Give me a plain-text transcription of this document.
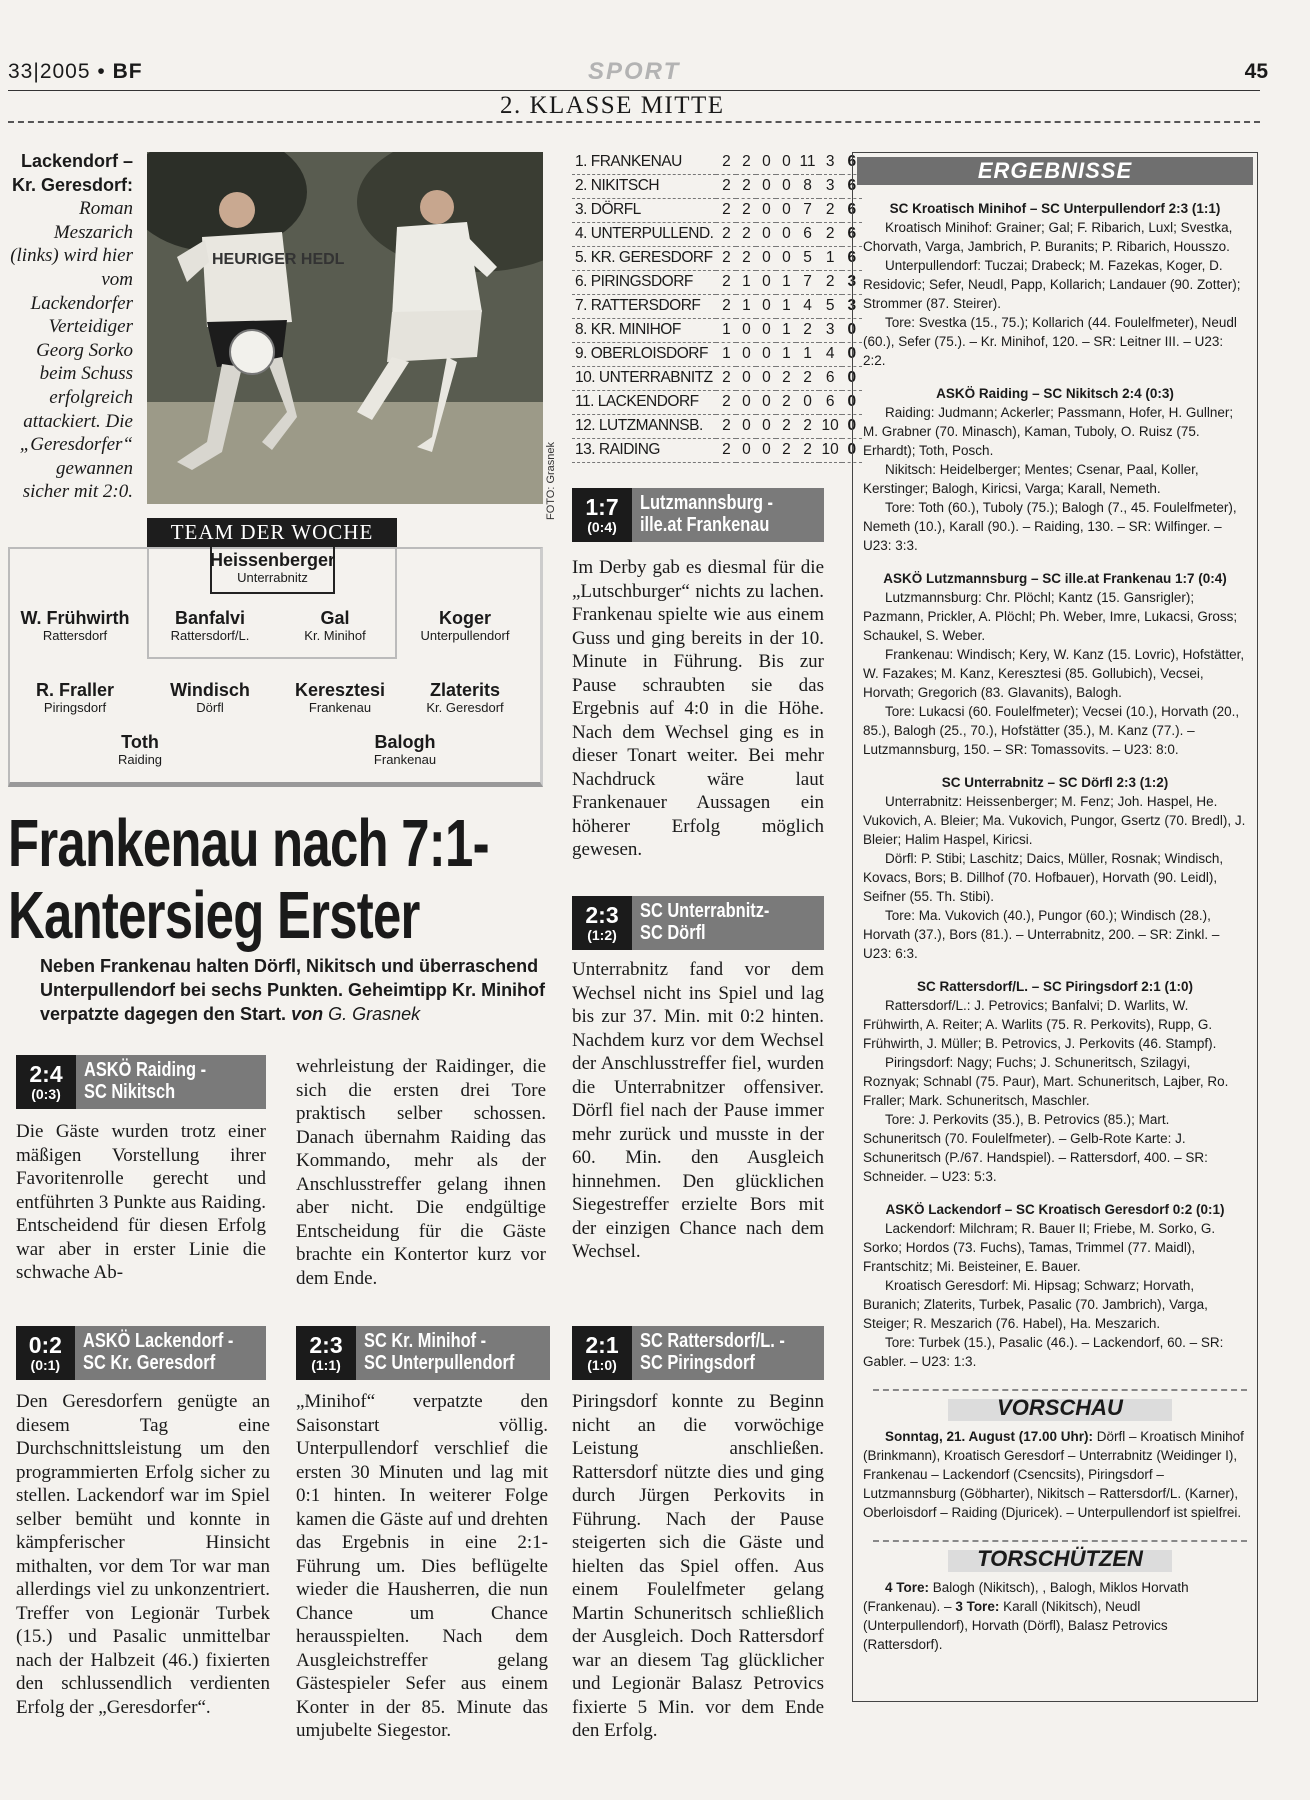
33|2005 • BF	SPORT	45
2. KLASSE MITTE
Lackendorf – Kr. Geresdorf:
Roman Meszarich (links) wird hier vom Lackendorfer Verteidiger Georg Sorko beim Schuss erfolgreich attackiert. Die „Geresdorfer“ gewannen sicher mit 2:0.
HEURIGER HEDL
FOTO: Grasnek
TEAM DER WOCHE
Heissenberger
Unterrabnitz
W. Frühwirth
Rattersdorf
Banfalvi
Rattersdorf/L.
Gal
Kr. Minihof
Koger
Unterpullendorf
R. Fraller
Piringsdorf
Windisch
Dörfl
Keresztesi
Frankenau
Zlaterits
Kr. Geresdorf
Toth
Raiding
Balogh
Frankenau
Frankenau nach 7:1-
Kantersieg Erster
Neben Frankenau halten Dörfl, Nikitsch und überraschend Unterpullendorf bei sechs Punkten. Geheimtipp Kr. Minihof verpatzte dagegen den Start. von G. Grasnek
2:4
(0:3)
ASKÖ Raiding -
SC Nikitsch
Die Gäste wurden trotz einer mäßigen Vorstellung ihrer Favoritenrolle gerecht und entführten 3 Punkte aus Raiding. Entscheidend für diesen Erfolg war aber in erster Linie die schwache Ab-
wehrleistung der Raidinger, die sich die ersten drei Tore praktisch selber schossen. Danach übernahm Raiding das Kommando, mehr als der Anschlusstreffer gelang ihnen aber nicht. Die endgültige Entscheidung für die Gäste brachte ein Kontertor kurz vor dem Ende.
0:2
(0:1)
ASKÖ Lackendorf -
SC Kr. Geresdorf
Den Geresdorfern genügte an diesem Tag eine Durchschnittsleistung um den programmierten Erfolg sicher zu stellen. Lackendorf war im Spiel selber bemüht und konnte in kämpferischer Hinsicht mithalten, vor dem Tor war man allerdings viel zu unkonzentriert. Treffer von Legionär Turbek (15.) und Pasalic unmittelbar nach der Halbzeit (46.) fixierten den schlussendlich verdienten Erfolg der „Geresdorfer“.
2:3
(1:1)
SC Kr. Minihof -
SC Unterpullendorf
„Minihof“ verpatzte den Saisonstart völlig. Unterpullendorf verschlief die ersten 30 Minuten und lag mit 0:1 hinten. In weiterer Folge kamen die Gäste auf und drehten das Ergebnis in eine 2:1-Führung um. Dies beflügelte wieder die Hausherren, die nun Chance um Chance herausspielten. Nach dem Ausgleichstreffer gelang Gästespieler Sefer aus einem Konter in der 85. Minute das umjubelte Siegestor.
1. FRANKENAU	2	2	0	0	11	3	6
2. NIKITSCH	2	2	0	0	8	3	6
3. DÖRFL	2	2	0	0	7	2	6
4. UNTERPULLEND.	2	2	0	0	6	2	6
5. KR. GERESDORF	2	2	0	0	5	1	6
6. PIRINGSDORF	2	1	0	1	7	2	3
7. RATTERSDORF	2	1	0	1	4	5	3
8. KR. MINIHOF	1	0	0	1	2	3	0
9. OBERLOISDORF	1	0	0	1	1	4	0
10. UNTERRABNITZ	2	0	0	2	2	6	0
11. LACKENDORF	2	0	0	2	0	6	0
12. LUTZMANNSB.	2	0	0	2	2	10	0
13. RAIDING	2	0	0	2	2	10	0
1:7
(0:4)
Lutzmannsburg -
ille.at Frankenau
Im Derby gab es diesmal für die „Lutschburger“ nichts zu lachen. Frankenau spielte wie aus einem Guss und ging bereits in der 10. Minute in Führung. Bis zur Pause schraubten sie das Ergebnis auf 4:0 in die Höhe. Nach dem Wechsel ging es in dieser Tonart weiter. Bei mehr Nachdruck wäre laut Frankenauer Aussagen ein höherer Erfolg möglich gewesen.
2:3
(1:2)
SC Unterrabnitz-
SC Dörfl
Unterrabnitz fand vor dem Wechsel nicht ins Spiel und lag bis zur 37. Min. mit 0:2 hinten. Nachdem kurz vor dem Wechsel der Anschlusstreffer fiel, wurden die Unterrabnitzer offensiver. Dörfl fiel nach der Pause immer mehr zurück und musste in der 60. Min. den Ausgleich hinnehmen. Den glücklichen Siegestreffer erzielte Bors mit der einzigen Chance nach dem Wechsel.
2:1
(1:0)
SC Rattersdorf/L. -
SC Piringsdorf
Piringsdorf konnte zu Beginn nicht an die vorwöchige Leistung anschließen. Rattersdorf nützte dies und ging durch Jürgen Perkovits in Führung. Nach der Pause steigerten sich die Gäste und hielten das Spiel offen. Aus einem Foulelfmeter gelang Martin Schuneritsch schließlich der Ausgleich. Doch Rattersdorf war an diesem Tag glücklicher und Legionär Balasz Petrovics fixierte 5 Min. vor dem Ende den Erfolg.
ERGEBNISSE
SC Kroatisch Minihof – SC Unterpullendorf 2:3 (1:1)

Kroatisch Minihof: Grainer; Gal; F. Ribarich, Luxl; Svestka, Chorvath, Varga, Jambrich, P. Buranits; P. Ribarich, Housszo.

Unterpullendorf: Tuczai; Drabeck; M. Fazekas, Koger, D. Residovic; Sefer, Neudl, Papp, Kollarich; Landauer (90. Zotter); Strommer (87. Steirer).

Tore: Svestka (15., 75.); Kollarich (44. Foulelfmeter), Neudl (60.), Sefer (75.). – Kr. Minihof, 120. – SR: Leitner III. – U23: 2:2.

ASKÖ Raiding – SC Nikitsch 2:4 (0:3)

Raiding: Judmann; Ackerler; Passmann, Hofer, H. Gullner; M. Grabner (70. Minasch), Kaman, Tuboly, O. Ruisz (75. Erhardt); Toth, Posch.

Nikitsch: Heidelberger; Mentes; Csenar, Paal, Koller, Kerstinger; Balogh, Kiricsi, Varga; Karall, Nemeth.

Tore: Toth (60.), Tuboly (75.); Balogh (7., 45. Foulelfmeter), Nemeth (10.), Karall (90.). – Raiding, 130. – SR: Wilfinger. – U23: 3:3.

ASKÖ Lutzmannsburg – SC ille.at Frankenau 1:7 (0:4)

Lutzmannsburg: Chr. Plöchl; Kantz (15. Gansrigler); Pazmann, Prickler, A. Plöchl; Ph. Weber, Imre, Lukacsi, Gross; Schaukel, S. Weber.

Frankenau: Windisch; Kery, W. Kanz (15. Lovric), Hofstätter, W. Fazakes; M. Kanz, Keresztesi (85. Gollubich), Vecsei, Horvath; Gregorich (83. Glavanits), Balogh.

Tore: Lukacsi (60. Foulelfmeter); Vecsei (10.), Horvath (20., 85.), Balogh (25., 70.), Hofstätter (35.), M. Kanz (77.). – Lutzmannsburg, 150. – SR: Tomassovits. – U23: 8:0.

SC Unterrabnitz – SC Dörfl 2:3 (1:2)

Unterrabnitz: Heissenberger; M. Fenz; Joh. Haspel, He. Vukovich, A. Bleier; Ma. Vukovich, Pungor, Gsertz (70. Bredl), J. Bleier; Halim Haspel, Kiricsi.

Dörfl: P. Stibi; Laschitz; Daics, Müller, Rosnak; Windisch, Kovacs, Bors; B. Dillhof (70. Hofbauer), Horvath (90. Leidl), Seifner (55. Th. Stibi).

Tore: Ma. Vukovich (40.), Pungor (60.); Windisch (28.), Horvath (37.), Bors (81.). – Unterrabnitz, 200. – SR: Zinkl. – U23: 6:3.

SC Rattersdorf/L. – SC Piringsdorf 2:1 (1:0)

Rattersdorf/L.: J. Petrovics; Banfalvi; D. Warlits, W. Frühwirth, A. Reiter; A. Warlits (75. R. Perkovits), Rupp, G. Frühwirth, J. Müller; B. Petrovics, J. Perkovits (46. Stampf).

Piringsdorf: Nagy; Fuchs; J. Schuneritsch, Szilagyi, Roznyak; Schnabl (75. Paur), Mart. Schuneritsch, Lajber, Ro. Fraller; Mark. Schuneritsch, Maschler.

Tore: J. Perkovits (35.), B. Petrovics (85.); Mart. Schuneritsch (70. Foulelfmeter). – Gelb-Rote Karte: J. Schuneritsch (P./67. Handspiel). – Rattersdorf, 400. – SR: Schneider. – U23: 5:3.

ASKÖ Lackendorf – SC Kroatisch Geresdorf 0:2 (0:1)

Lackendorf: Milchram; R. Bauer II; Friebe, M. Sorko, G. Sorko; Hordos (73. Fuchs), Tamas, Trimmel (77. Maidl), Frantschitz; Mi. Beisteiner, E. Bauer.

Kroatisch Geresdorf: Mi. Hipsag; Schwarz; Horvath, Buranich; Zlaterits, Turbek, Pasalic (70. Jambrich), Varga, Steiger; R. Meszarich (76. Habel), Ha. Meszarich.

Tore: Turbek (15.), Pasalic (46.). – Lackendorf, 60. – SR: Gabler. – U23: 1:3.

VORSCHAU

Sonntag, 21. August (17.00 Uhr): Dörfl – Kroatisch Minihof (Brinkmann), Kroatisch Geresdorf – Unterrabnitz (Weidinger I), Frankenau – Lackendorf (Csencsits), Piringsdorf – Lutzmannsburg (Göbharter), Nikitsch – Rattersdorf/L. (Karner), Oberloisdorf – Raiding (Djuricek). – Unterpullendorf ist spielfrei.

TORSCHÜTZEN

4 Tore: Balogh (Nikitsch), , Balogh, Miklos Horvath (Frankenau). – 3 Tore: Karall (Nikitsch), Neudl (Unterpullendorf), Horvath (Dörfl), Balasz Petrovics (Rattersdorf).
